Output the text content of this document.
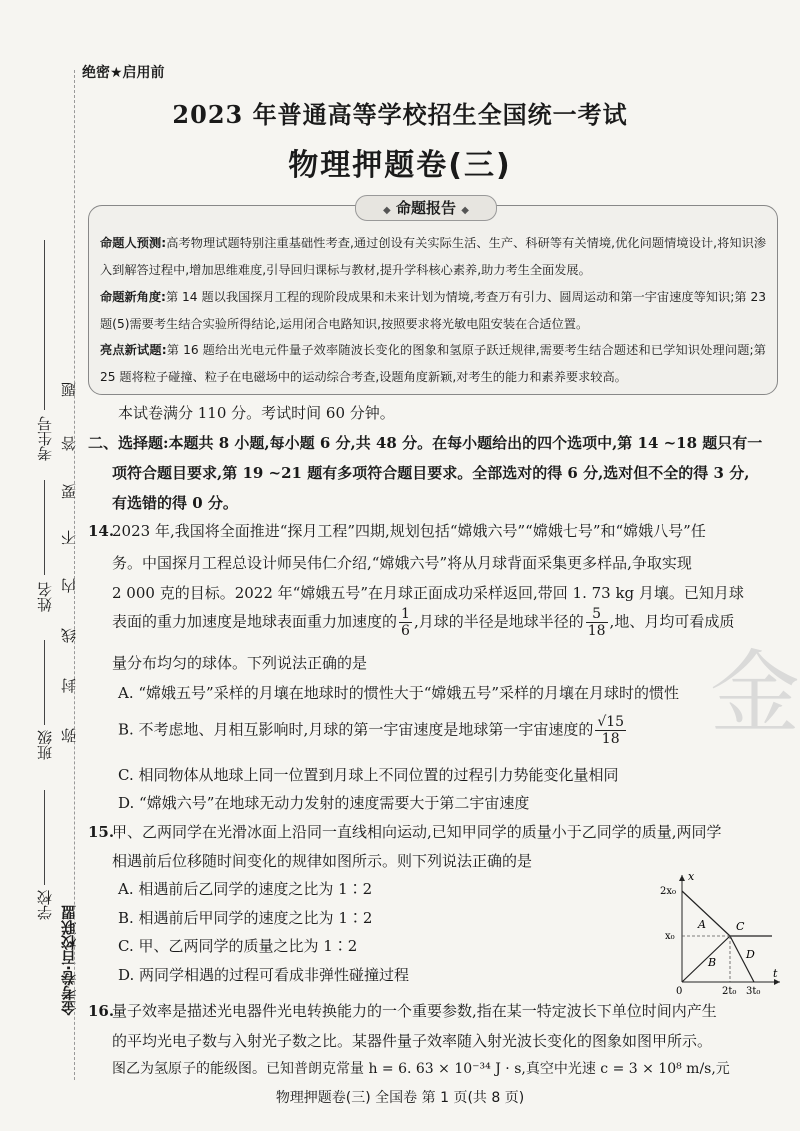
金
考生号
姓名
班级
学校 金考卷·百校联盟
题
答
要
不
内
线
封
弥
绝密★启用前
2023 年普通高等学校招生全国统一考试
物理押题卷(三)
◆ 命题报告 ◆
命题人预测:高考物理试题特别注重基础性考查,通过创设有关实际生活、生产、科研等有关情境,优化问题情境设计,将知识渗入到解答过程中,增加思维难度,引导回归课标与教材,提升学科核心素养,助力考生全面发展。
命题新角度:第 14 题以我国探月工程的现阶段成果和未来计划为情境,考查万有引力、圆周运动和第一宇宙速度等知识;第 23 题(5)需要考生结合实验所得结论,运用闭合电路知识,按照要求将光敏电阻安装在合适位置。
亮点新试题:第 16 题给出光电元件量子效率随波长变化的图象和氢原子跃迁规律,需要考生结合题述和已学知识处理问题;第 25 题将粒子碰撞、粒子在电磁场中的运动综合考查,设题角度新颖,对考生的能力和素养要求较高。
本试卷满分 110 分。考试时间 60 分钟。
二、选择题:本题共 8 小题,每小题 6 分,共 48 分。在每小题给出的四个选项中,第 14 ~18 题只有一
项符合题目要求,第 19 ~21 题有多项符合题目要求。全部选对的得 6 分,选对但不全的得 3 分,
有选错的得 0 分。
14.
2023 年,我国将全面推进“探月工程”四期,规划包括“嫦娥六号”“嫦娥七号”和“嫦娥八号”任
务。中国探月工程总设计师吴伟仁介绍,“嫦娥六号”将从月球背面采集更多样品,争取实现
2 000 克的目标。2022 年“嫦娥五号”在月球正面成功采样返回,带回 1. 73 kg 月壤。已知月球
表面的重力加速度是地球表面重力加速度的 $\frac{1}{6}$ ,月球的半径是地球半径的 $\frac{5}{18}$ ,地、月均可看成质
量分布均匀的球体。下列说法正确的是
A. “嫦娥五号”采样的月壤在地球时的惯性大于“嫦娥五号”采样的月壤在月球时的惯性
B. 不考虑地、月相互影响时,月球的第一宇宙速度是地球第一宇宙速度的 $\frac{√15}{18}$
C. 相同物体从地球上同一位置到月球上不同位置的过程引力势能变化量相同
D. “嫦娥六号”在地球无动力发射的速度需要大于第二宇宙速度
15.
甲、乙两同学在光滑冰面上沿同一直线相向运动,已知甲同学的质量小于乙同学的质量,两同学
相遇前后位移随时间变化的规律如图所示。则下列说法正确的是
A. 相遇前后乙同学的速度之比为 1∶2
B. 相遇前后甲同学的速度之比为 1∶2
C. 甲、乙两同学的质量之比为 1∶2
D. 两同学相遇的过程可看成非弹性碰撞过程
x
t
2x₀
x₀
0	2t₀ 3t₀
A
B
C
D
16.
量子效率是描述光电器件光电转换能力的一个重要参数,指在某一特定波长下单位时间内产生
的平均光电子数与入射光子数之比。某器件量子效率随入射光波长变化的图象如图甲所示。
图乙为氢原子的能级图。已知普朗克常量 h = 6. 63 × 10⁻³⁴ J · s,真空中光速 c = 3 × 10⁸ m/s,元
物理押题卷(三) 全国卷 第 1 页(共 8 页)
